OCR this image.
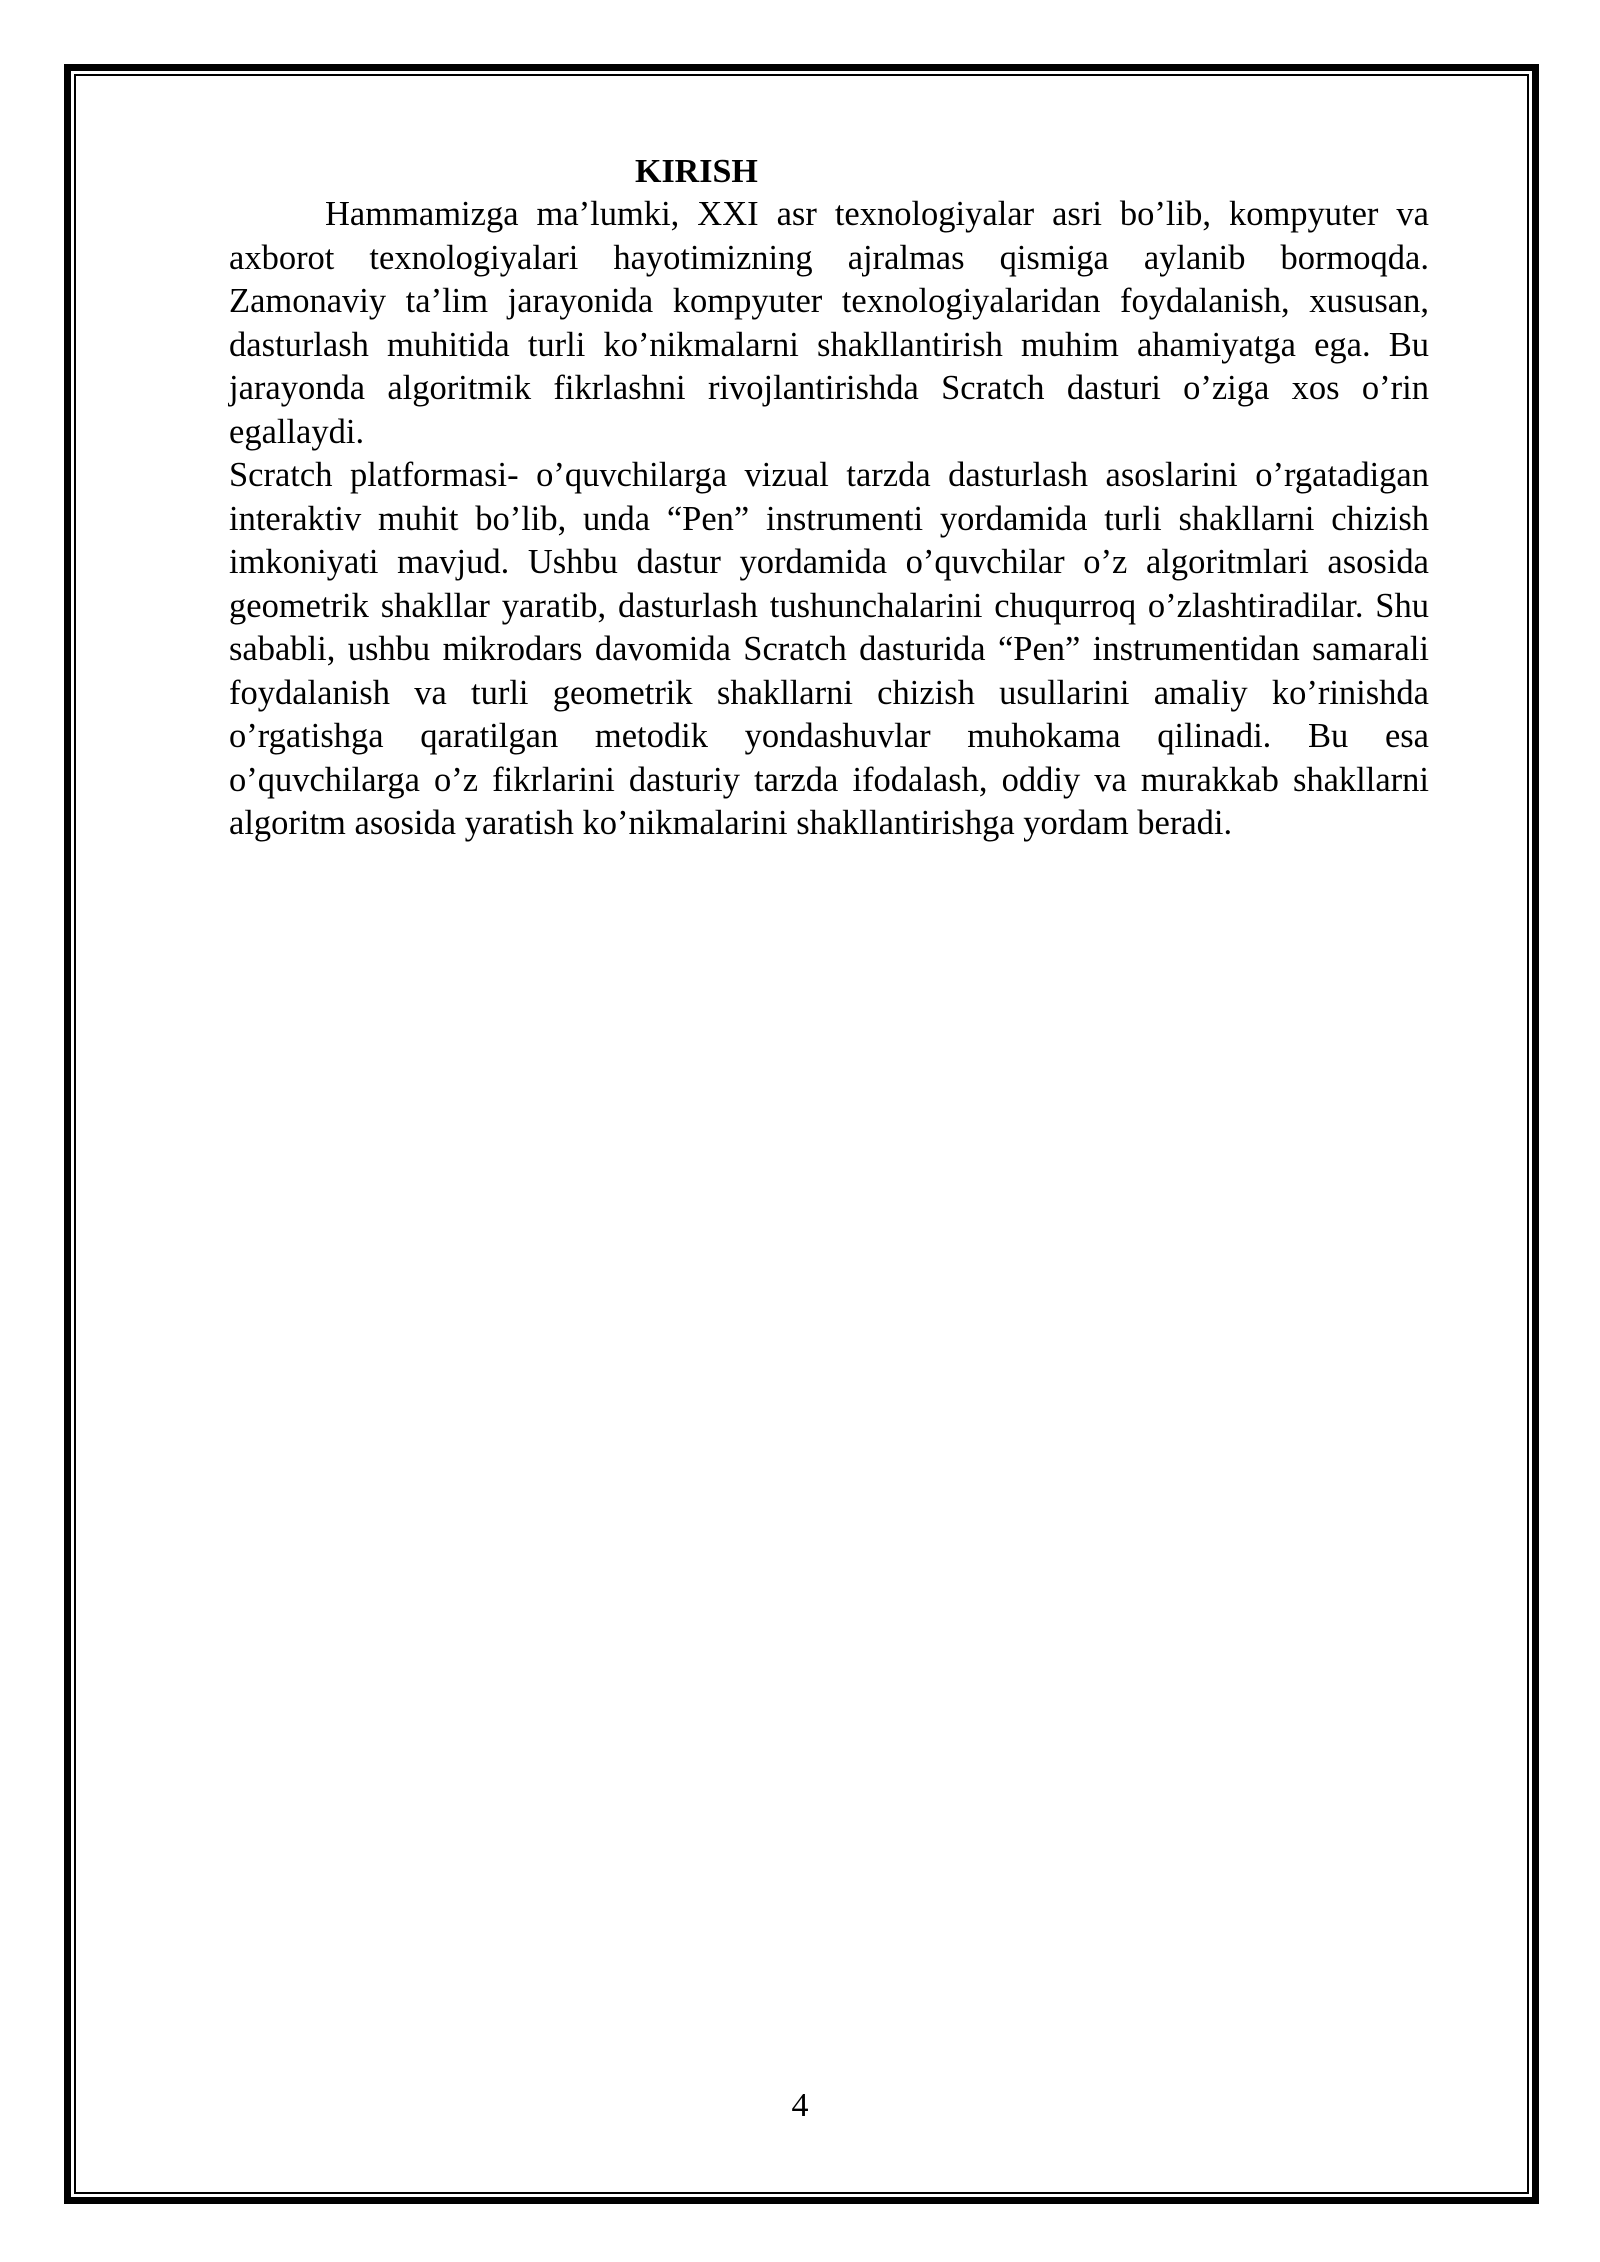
KIRISH

Hammamizga ma’lumki, XXI asr texnologiyalar asri bo’lib, kompyuter va axborot texnologiyalari hayotimizning ajralmas qismiga aylanib bormoqda. Zamonaviy ta’lim jarayonida kompyuter texnologiyalaridan foydalanish, xususan, dasturlash muhitida turli ko’nikmalarni shakllantirish muhim ahamiyatga ega. Bu jarayonda algoritmik fikrlashni rivojlantirishda Scratch dasturi o’ziga xos o’rin egallaydi.

Scratch platformasi- o’quvchilarga vizual tarzda dasturlash asoslarini o’rgatadigan interaktiv muhit bo’lib, unda “Pen” instrumenti yordamida turli shakllarni chizish imkoniyati mavjud. Ushbu dastur yordamida o’quvchilar o’z algoritmlari asosida geometrik shakllar yaratib, dasturlash tushunchalarini chuqurroq o’zlashtiradilar. Shu sababli, ushbu mikrodars davomida Scratch dasturida “Pen” instrumentidan samarali foydalanish va turli geometrik shakllarni chizish usullarini amaliy ko’rinishda o’rgatishga qaratilgan metodik yondashuvlar muhokama qilinadi. Bu esa o’quvchilarga o’z fikrlarini dasturiy tarzda ifodalash, oddiy va murakkab shakllarni algoritm asosida yaratish ko’nikmalarini shakllantirishga yordam beradi.

4
